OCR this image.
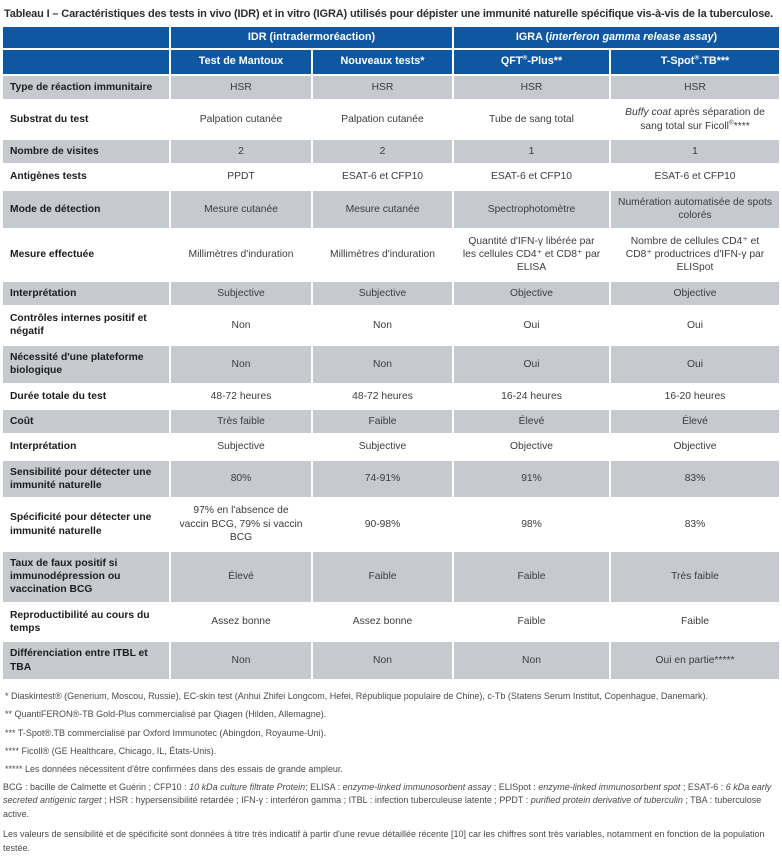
Tableau I – Caractéristiques des tests in vivo (IDR) et in vitro (IGRA) utilisés pour dépister une immunité naturelle spécifique vis-à-vis de la tuberculose.
	IDR (intradermoréaction)		IGRA (interferon gamma release assay)	
	Test de Mantoux	Nouveaux tests*	QFT®-Plus**	T-Spot®.TB***
Type de réaction immunitaire	HSR	HSR	HSR	HSR
Substrat du test	Palpation cutanée	Palpation cutanée	Tube de sang total	Buffy coat après séparation de sang total sur Ficoll®****
Nombre de visites	2	2	1	1
Antigènes tests	PPDT	ESAT-6 et CFP10	ESAT-6 et CFP10	ESAT-6 et CFP10
Mode de détection	Mesure cutanée	Mesure cutanée	Spectrophotomètre	Numération automatisée de spots colorés
Mesure effectuée	Millimètres d'induration	Millimètres d'induration	Quantité d'IFN-γ libérée par les cellules CD4⁺ et CD8⁺ par ELISA	Nombre de cellules CD4⁺ et CD8⁺ productrices d'IFN-γ par ELISpot
Interprétation	Subjective	Subjective	Objective	Objective
Contrôles internes positif et négatif	Non	Non	Oui	Oui
Nécessité d'une plateforme biologique	Non	Non	Oui	Oui
Durée totale du test	48-72 heures	48-72 heures	16-24 heures	16-20 heures
Coût	Très faible	Faible	Élevé	Élevé
Interprétation	Subjective	Subjective	Objective	Objective
Sensibilité pour détecter une immunité naturelle	80%	74-91%	91%	83%
Spécificité pour détecter une immunité naturelle	97% en l'absence de vaccin BCG, 79% si vaccin BCG	90-98%	98%	83%
Taux de faux positif si immunodépression ou vaccination BCG	Élevé	Faible	Faible	Très faible
Reproductibilité au cours du temps	Assez bonne	Assez bonne	Faible	Faible
Différenciation entre ITBL et TBA	Non	Non	Non	Oui en partie*****

* Diaskintest® (Generium, Moscou, Russie), EC-skin test (Anhui Zhifei Longcom, Hefei, République populaire de Chine), c-Tb (Statens Serum Institut, Copenhague, Danemark).

** QuantiFERON®-TB Gold-Plus commercialisé par Qiagen (Hilden, Allemagne).

*** T-Spot®.TB commercialisé par Oxford Immunotec (Abingdon, Royaume-Uni).

**** Ficoll® (GE Healthcare, Chicago, IL, États-Unis).

***** Les données nécessitent d'être confirmées dans des essais de grande ampleur.

BCG : bacille de Calmette et Guérin ; CFP10 : 10 kDa culture filtrate Protein; ELISA : enzyme-linked immunosorbent assay ; ELISpot : enzyme-linked immunosorbent spot ; ESAT-6 : 6 kDa early secreted antigenic target ; HSR : hypersensibilité retardée ; IFN-γ : interféron gamma ; ITBL : infection tuberculeuse latente ; PPDT : purified protein derivative of tuberculin ; TBA : tuberculose active.

Les valeurs de sensibilité et de spécificité sont données à titre très indicatif à partir d'une revue détaillée récente [10] car les chiffres sont très variables, notamment en fonction de la population testée.
